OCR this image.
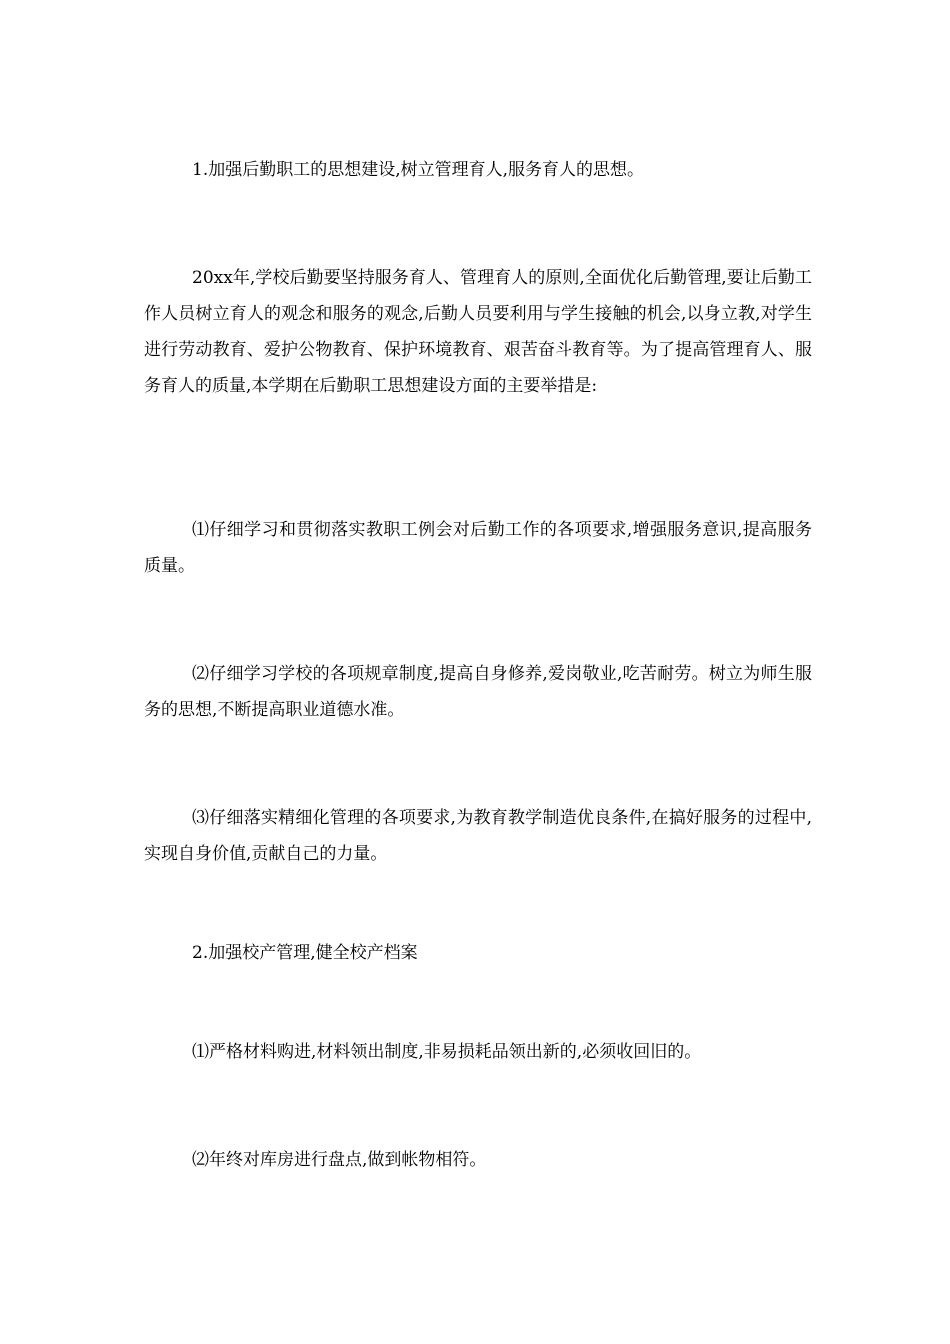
1.加强后勤职工的思想建设,树立管理育人,服务育人的思想。

20xx年,学校后勤要坚持服务育人、管理育人的原则,全面优化后勤管理,要让后勤工作人员树立育人的观念和服务的观念,后勤人员要利用与学生接触的机会,以身立教,对学生进行劳动教育、爱护公物教育、保护环境教育、艰苦奋斗教育等。为了提高管理育人、服务育人的质量,本学期在后勤职工思想建设方面的主要举措是:

⑴仔细学习和贯彻落实教职工例会对后勤工作的各项要求,增强服务意识,提高服务质量。

⑵仔细学习学校的各项规章制度,提高自身修养,爱岗敬业,吃苦耐劳。树立为师生服务的思想,不断提高职业道德水准。

⑶仔细落实精细化管理的各项要求,为教育教学制造优良条件,在搞好服务的过程中,实现自身价值,贡献自己的力量。

2.加强校产管理,健全校产档案

⑴严格材料购进,材料领出制度,非易损耗品领出新的,必须收回旧的。

⑵年终对库房进行盘点,做到帐物相符。
